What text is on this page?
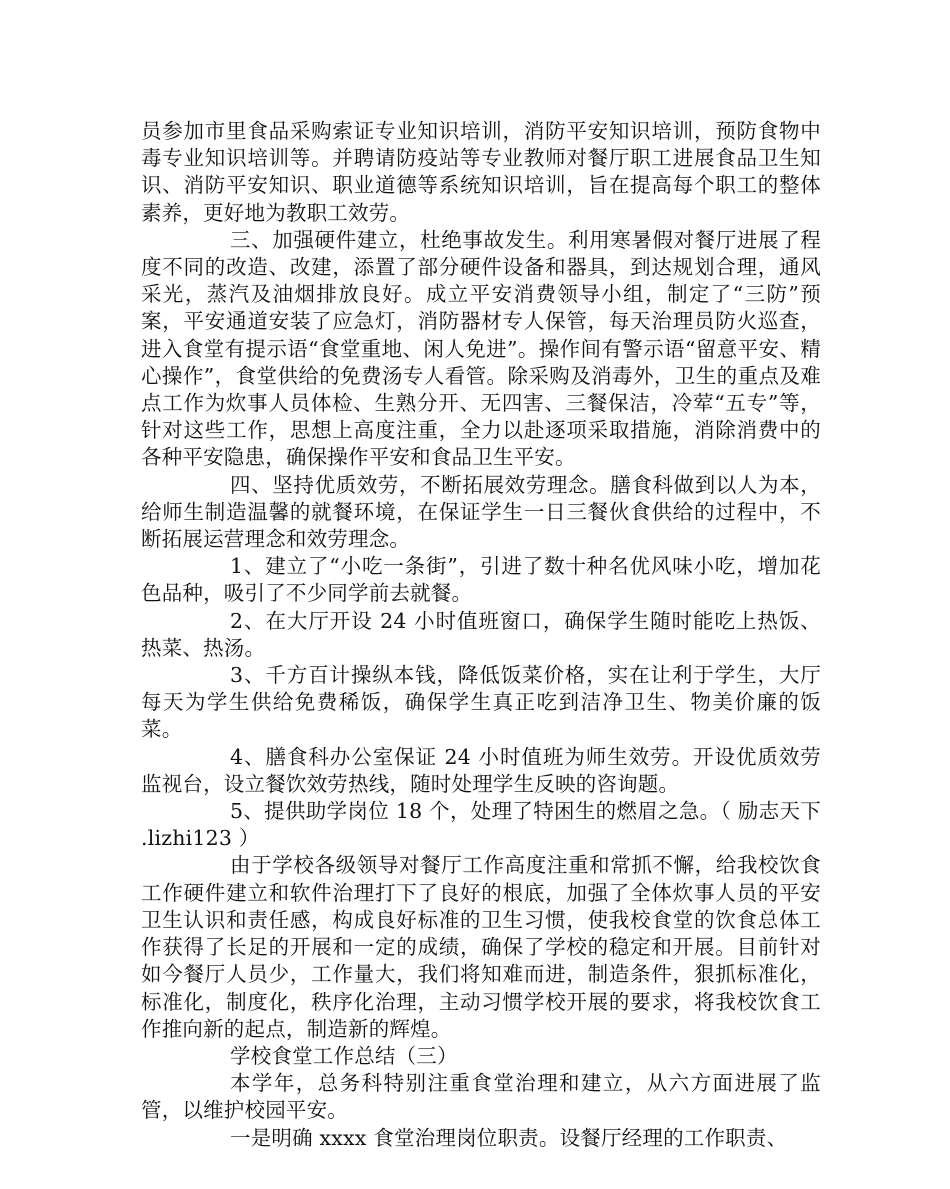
员参加市里食品采购索证专业知识培训，消防平安知识培训，预防食物中毒专业知识培训等。并聘请防疫站等专业教师对餐厅职工进展食品卫生知识、消防平安知识、职业道德等系统知识培训，旨在提高每个职工的整体素养，更好地为教职工效劳。

三、加强硬件建立，杜绝事故发生。利用寒暑假对餐厅进展了程度不同的改造、改建，添置了部分硬件设备和器具，到达规划合理，通风采光，蒸汽及油烟排放良好。成立平安消费领导小组，制定了“三防”预案，平安通道安装了应急灯，消防器材专人保管，每天治理员防火巡查，进入食堂有提示语“食堂重地、闲人免进”。操作间有警示语“留意平安、精心操作”，食堂供给的免费汤专人看管。除采购及消毒外，卫生的重点及难点工作为炊事人员体检、生熟分开、无四害、三餐保洁，冷荤“五专”等，针对这些工作，思想上高度注重，全力以赴逐项采取措施，消除消费中的各种平安隐患，确保操作平安和食品卫生平安。

四、坚持优质效劳，不断拓展效劳理念。膳食科做到以人为本，给师生制造温馨的就餐环境，在保证学生一日三餐伙食供给的过程中，不断拓展运营理念和效劳理念。

1、建立了“小吃一条街”，引进了数十种名优风味小吃，增加花色品种，吸引了不少同学前去就餐。

2、在大厅开设 24 小时值班窗口，确保学生随时能吃上热饭、热菜、热汤。

3、千方百计操纵本钱，降低饭菜价格，实在让利于学生，大厅每天为学生供给免费稀饭，确保学生真正吃到洁净卫生、物美价廉的饭菜。

4、膳食科办公室保证 24 小时值班为师生效劳。开设优质效劳监视台，设立餐饮效劳热线，随时处理学生反映的咨询题。

5、提供助学岗位 18 个，处理了特困生的燃眉之急。（ 励志天下 .lizhi123 ）

由于学校各级领导对餐厅工作高度注重和常抓不懈，给我校饮食工作硬件建立和软件治理打下了良好的根底，加强了全体炊事人员的平安卫生认识和责任感，构成良好标准的卫生习惯，使我校食堂的饮食总体工作获得了长足的开展和一定的成绩，确保了学校的稳定和开展。目前针对如今餐厅人员少，工作量大，我们将知难而进，制造条件，狠抓标准化，标准化，制度化，秩序化治理，主动习惯学校开展的要求，将我校饮食工作推向新的起点，制造新的辉煌。

学校食堂工作总结（三）

本学年，总务科特别注重食堂治理和建立，从六方面进展了监管，以维护校园平安。

一是明确 xxxx 食堂治理岗位职责。设餐厅经理的工作职责、
